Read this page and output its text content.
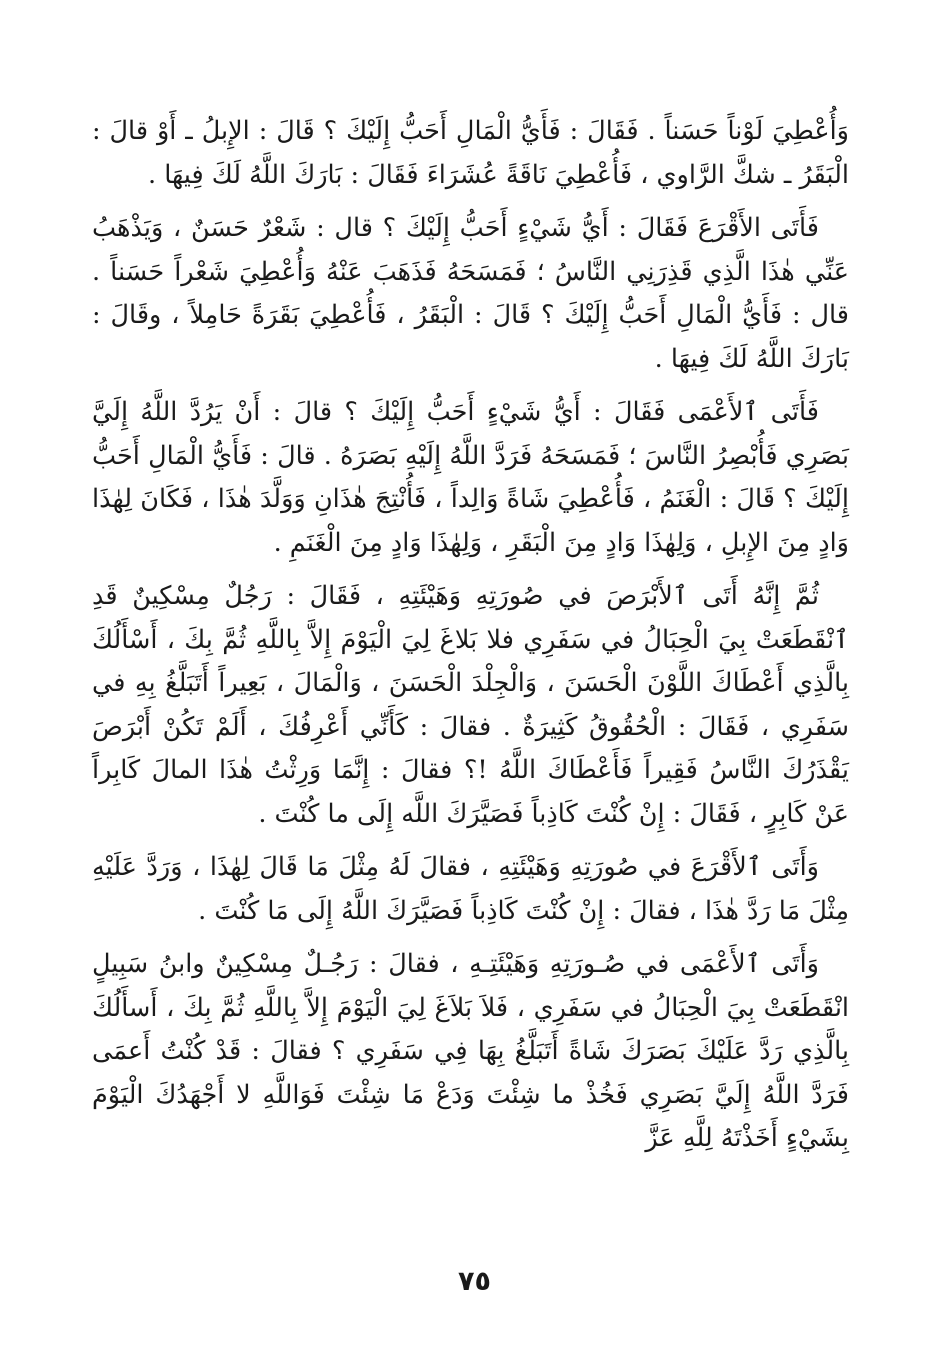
وَأُعْطِيَ لَوْناً حَسَناً . فَقَالَ : فَأَيُّ الْمَالِ أَحَبُّ إِلَيْكَ ؟ قَالَ : الإِبلُ ـ أَوْ قالَ : الْبَقَرُ ـ شكَّ الرَّاوي ، فَأُعْطِيَ نَاقَةً عُشَرَاءَ فَقَالَ : بَارَكَ اللَّهُ لَكَ فِيهَا .

فَأَتَى الأَقْرَعَ فَقَالَ : أَيُّ شَيْءٍ أَحَبُّ إِلَيْكَ ؟ قال : شَعْرٌ حَسَنٌ ، وَيَذْهَبُ عَنِّي هٰذَا الَّذِي قَذِرَنِي النَّاسُ ؛ فَمَسَحَهُ فَذَهَبَ عَنْهُ وَأُعْطِيَ شَعْراً حَسَناً . قال : فَأَيُّ الْمَالِ أَحَبُّ إِلَيْكَ ؟ قَالَ : الْبَقَرُ ، فَأُعْطِيَ بَقَرَةً حَامِلاً ، وقَالَ : بَارَكَ اللَّهُ لَكَ فِيهَا .

فَأَتَى ٱلأَعْمَى فَقَالَ : أَيُّ شَيْءٍ أَحَبُّ إِلَيْكَ ؟ قالَ : أَنْ يَرُدَّ اللَّهُ إِلَيَّ بَصَرِي فَأُبْصِرُ النَّاسَ ؛ فَمَسَحَهُ فَرَدَّ اللَّهُ إِلَيْهِ بَصَرَهُ . قالَ : فَأَيُّ الْمَالِ أَحَبُّ إِلَيْكَ ؟ قَالَ : الْغَنَمُ ، فَأُعْطِيَ شَاةً وَالِداً ، فَأُنْتِجَ هٰذَانِ وَوَلَّدَ هٰذَا ، فَكَانَ لِهٰذَا وَادٍ مِنَ الإِبلِ ، وَلِهٰذَا وَادٍ مِنَ الْبَقَرِ ، وَلِهٰذَا وَادٍ مِنَ الْغَنَمِ .

ثُمَّ إِنَّهُ أَتَى ٱلأَبْرَصَ في صُورَتِهِ وَهَيْئَتِهِ ، فَقَالَ : رَجُلٌ مِسْكِينٌ قَدِ ٱنْقَطَعَتْ بِيَ الْحِبَالُ في سَفَرِي فلا بَلاغَ لِيَ الْيَوْمَ إِلاَّ بِاللَّهِ ثُمَّ بِكَ ، أَسْأَلُكَ بِالَّذِي أَعْطَاكَ اللَّوْنَ الْحَسَنَ ، وَالْجِلْدَ الْحَسَنَ ، وَالْمَالَ ، بَعِيراً أَتَبَلَّغُ بِهِ في سَفَرِي ، فَقَالَ : الْحُقُوقُ كَثِيرَةٌ . فقالَ : كَأَنِّي أَعْرِفُكَ ، أَلَمْ تَكُنْ أَبْرَصَ يَقْذَرُكَ النَّاسُ فَقِيراً فَأَعْطَاكَ اللَّهُ !؟ فقالَ : إِنَّمَا وَرِثْتُ هٰذَا المالَ كَابِراً عَنْ كَابِرٍ ، فَقَالَ : إِنْ كُنْتَ كَاذِباً فَصَيَّرَكَ اللَّه إِلَى ما كُنْتَ .

وَأَتَى ٱلأَقْرَعَ في صُورَتِهِ وَهَيْئَتِهِ ، فقالَ لَهُ مِثْلَ مَا قَالَ لِهٰذَا ، وَرَدَّ عَلَيْهِ مِثْلَ مَا رَدَّ هٰذَا ، فقالَ : إِنْ كُنْتَ كَاذِباً فَصَيَّرَكَ اللَّهُ إِلَى مَا كُنْتَ .

وَأَتَى ٱلأَعْمَى في صُـورَتِهِ وَهَيْئَتِـهِ ، فقالَ : رَجُـلٌ مِسْكِينٌ وابنُ سَبِيلٍ انْقَطَعَتْ بِيَ الْحِبَالُ في سَفَرِي ، فَلاَ بَلاَغَ لِيَ الْيَوْمَ إِلاَّ بِاللَّهِ ثُمَّ بِكَ ، أَسأَلُكَ بِالَّذِي رَدَّ عَلَيْكَ بَصَرَكَ شَاةً أَتَبَلَّغُ بِهَا فِي سَفَرِي ؟ فقالَ : قَدْ كُنْتُ أَعمَى فَرَدَّ اللَّهُ إِلَيَّ بَصَرِي فَخُذْ ما شِئْتَ وَدَعْ مَا شِئْتَ فَوَاللَّهِ لا أَجْهَدُكَ الْيَوْمَ بِشَيْءٍ أَخَذْتَهُ لِلَّهِ عَزَّ

٧٥
